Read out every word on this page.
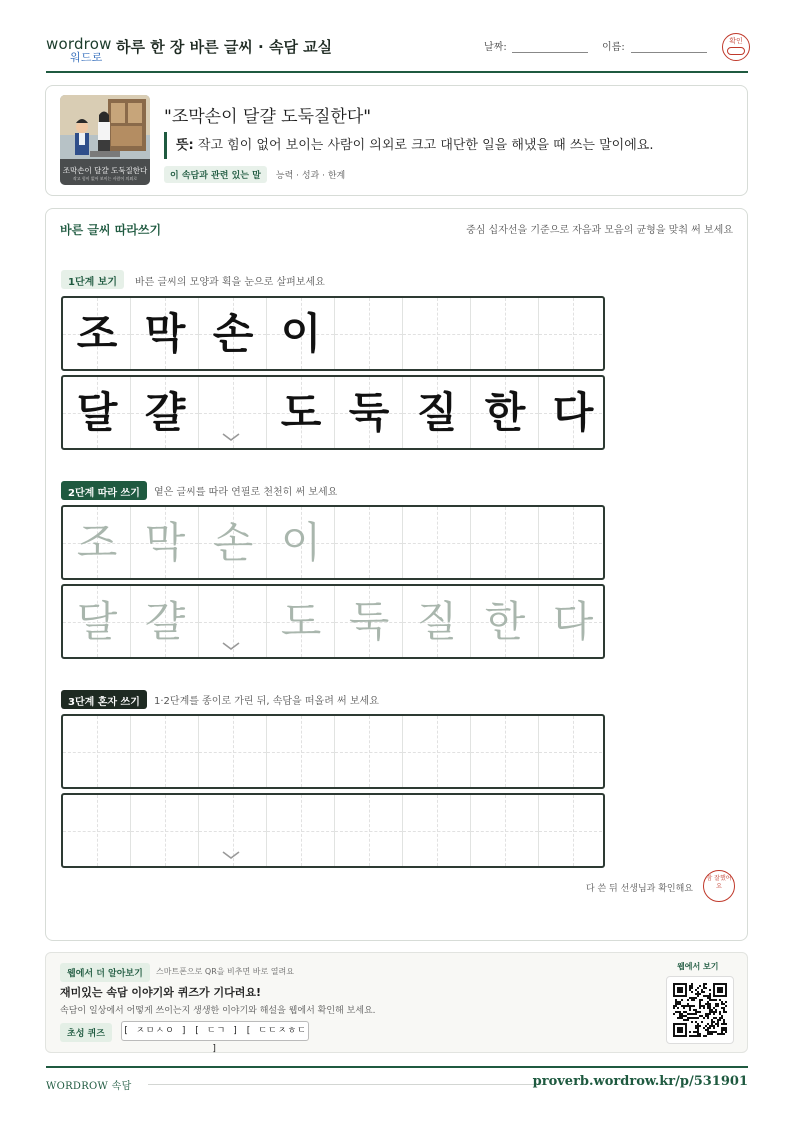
wordrow
워드로
하루 한 장 바른 글씨 · 속담 교실	날짜:	이름:
확인
조막손이 달걀 도둑질한다
작고 힘이 없어 보이는 사람이 의외로
"조막손이 달걀 도둑질한다"
뜻: 작고 힘이 없어 보이는 사람이 의외로 크고 대단한 일을 해냈을 때 쓰는 말이에요.
이 속담과 관련 있는 말 능력 · 성과 · 한계
바른 글씨 따라쓰기	중심 십자선을 기준으로 자음과 모음의 균형을 맞춰 써 보세요
1단계 보기	바른 글씨의 모양과 획을 눈으로 살펴보세요
조 막 손 이
달 걀	도 둑 질 한 다
2단계 따라 쓰기	옅은 글씨를 따라 연필로 천천히 써 보세요
조 막 손 이
달 걀	도 둑 질 한 다
3단계 혼자 쓰기	1·2단계를 종이로 가린 뒤, 속담을 떠올려 써 보세요
다 쓴 뒤 선생님과 확인해요
참 잘했어요
웹에서 더 알아보기	스마트폰으로 QR을 비추면 바로 열려요
재미있는 속담 이야기와 퀴즈가 기다려요!
속담이 일상에서 어떻게 쓰이는지 생생한 이야기와 해설을 웹에서 확인해 보세요.
초성 퀴즈	[ ㅈㅁㅅㅇ ] [ ㄷㄱ ] [ ㄷㄷㅈㅎㄷ ]
웹에서 보기
WORDROW 속담	proverb.wordrow.kr/p/531901
